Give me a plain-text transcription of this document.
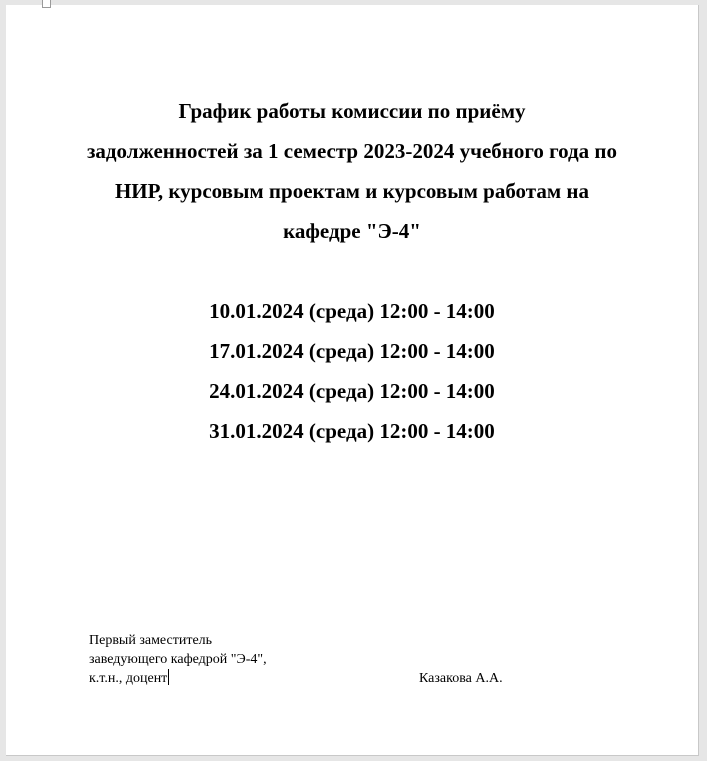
График работы комиссии по приёму
задолженностей за 1 семестр 2023-2024 учебного года по
НИР, курсовым проектам и курсовым работам на
кафедре "Э-4"
10.01.2024 (среда) 12:00 - 14:00
17.01.2024 (среда) 12:00 - 14:00
24.01.2024 (среда) 12:00 - 14:00
31.01.2024 (среда) 12:00 - 14:00
Первый заместитель
заведующего кафедрой "Э-4",
к.т.н., доцент	Казакова А.А.
